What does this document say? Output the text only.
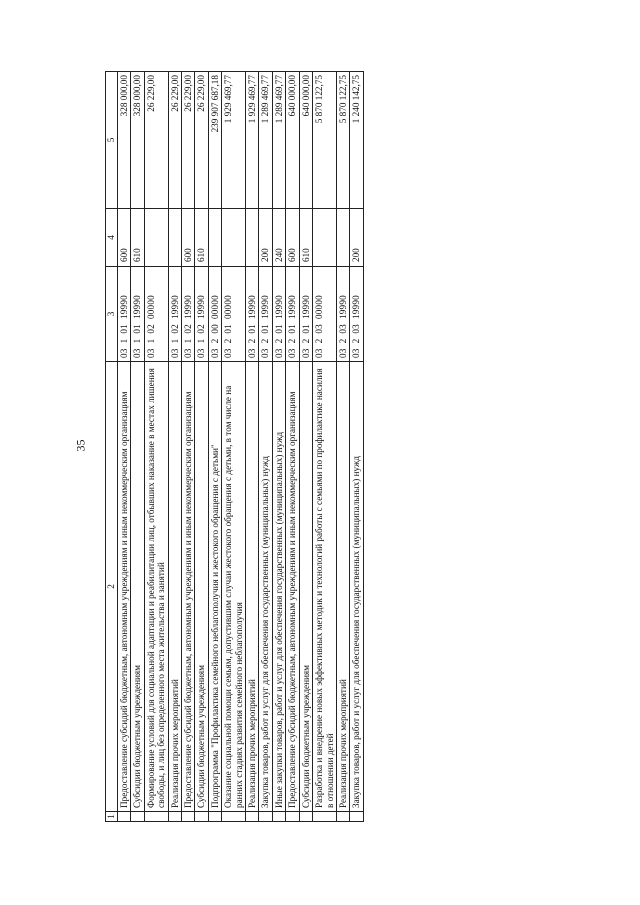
35
1	2	3	4	5
	Предоставление субсидий бюджетным, автономным учреждениям и иным некоммерческим организациям	03  1  01  19990	600	328 000,00
	Субсидии бюджетным учреждениям	03  1  01  19990	610	328 000,00
	Формирование условий для социальной адаптации и реабилитации лиц, отбывших наказание в местах лишения свободы, и лиц без определенного места жительства и занятий	03  1  02  00000		26 229,00
	Реализация прочих мероприятий	03  1  02  19990		26 229,00
	Предоставление субсидий бюджетным, автономным учреждениям и иным некоммерческим организациям	03  1  02  19990	600	26 229,00
	Субсидии бюджетным учреждениям	03  1  02  19990	610	26 229,00
	Подпрограмма "Профилактика семейного неблагополучия и жестокого обращения с детьми"	03  2  00  00000		239 907 687,18
	Оказание социальной помощи семьям, допустившим случаи жестокого обращения с детьми, в том числе на ранних стадиях развития семейного неблагополучия	03  2  01  00000		1 929 469,77
	Реализация прочих мероприятий	03  2  01  19990		1 929 469,77
	Закупка товаров, работ и услуг для обеспечения государственных (муниципальных) нужд	03  2  01  19990	200	1 289 469,77
	Иные закупки товаров, работ и услуг для обеспечения государственных (муниципальных) нужд	03  2  01  19990	240	1 289 469,77
	Предоставление субсидий бюджетным, автономным учреждениям и иным некоммерческим организациям	03  2  01  19990	600	640 000,00
	Субсидии бюджетным учреждениям	03  2  01  19990	610	640 000,00
	Разработка и внедрение новых эффективных методик и технологий работы с семьями по профилактике насилия в отношении детей	03  2  03  00000		5 870 122,75
	Реализация прочих мероприятий	03  2  03  19990		5 870 122,75
	Закупка товаров, работ и услуг для обеспечения государственных (муниципальных) нужд	03  2  03  19990	200	1 240 142,75
